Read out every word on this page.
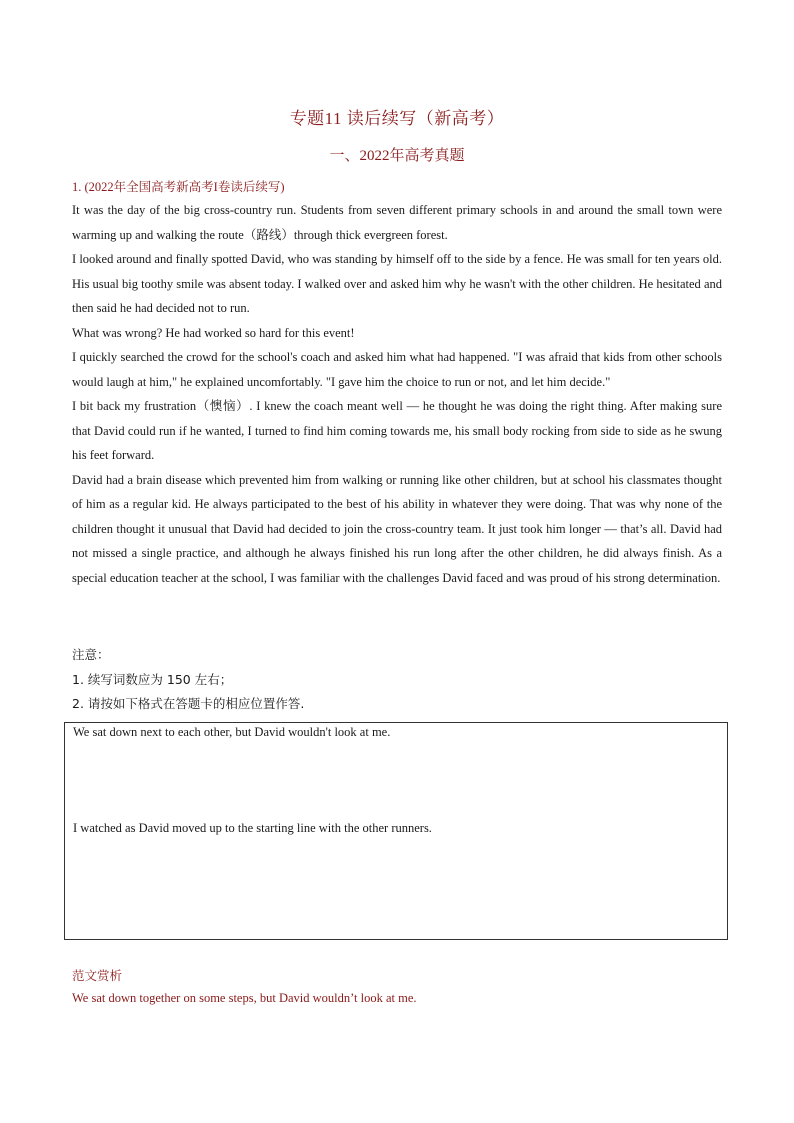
专题11 读后续写（新高考）
一、2022年高考真题
1. (2022年全国高考新高考I卷读后续写)

It was the day of the big cross-country run. Students from seven different primary schools in and around the small town were warming up and walking the route（路线）through thick evergreen forest.

I looked around and finally spotted David, who was standing by himself off to the side by a fence. He was small for ten years old. His usual big toothy smile was absent today. I walked over and asked him why he wasn't with the other children. He hesitated and then said he had decided not to run.

What was wrong? He had worked so hard for this event!

I quickly searched the crowd for the school's coach and asked him what had happened. "I was afraid that kids from other schools would laugh at him," he explained uncomfortably. "I gave him the choice to run or not, and let him decide."

I bit back my frustration（懊恼）. I knew the coach meant well — he thought he was doing the right thing. After making sure that David could run if he wanted, I turned to find him coming towards me, his small body rocking from side to side as he swung his feet forward.

David had a brain disease which prevented him from walking or running like other children, but at school his classmates thought of him as a regular kid. He always participated to the best of his ability in whatever they were doing. That was why none of the children thought it unusual that David had decided to join the cross-country team. It just took him longer — that’s all. David had not missed a single practice, and although he always finished his run long after the other children, he did always finish. As a special education teacher at the school, I was familiar with the challenges David faced and was proud of his strong determination.

注意：

1. 续写词数应为 150 左右；

2. 请按如下格式在答题卡的相应位置作答.

We sat down next to each other, but David wouldn't look at me.
I watched as David moved up to the starting line with the other runners.
范文赏析
We sat down together on some steps, but David wouldn’t look at me.
